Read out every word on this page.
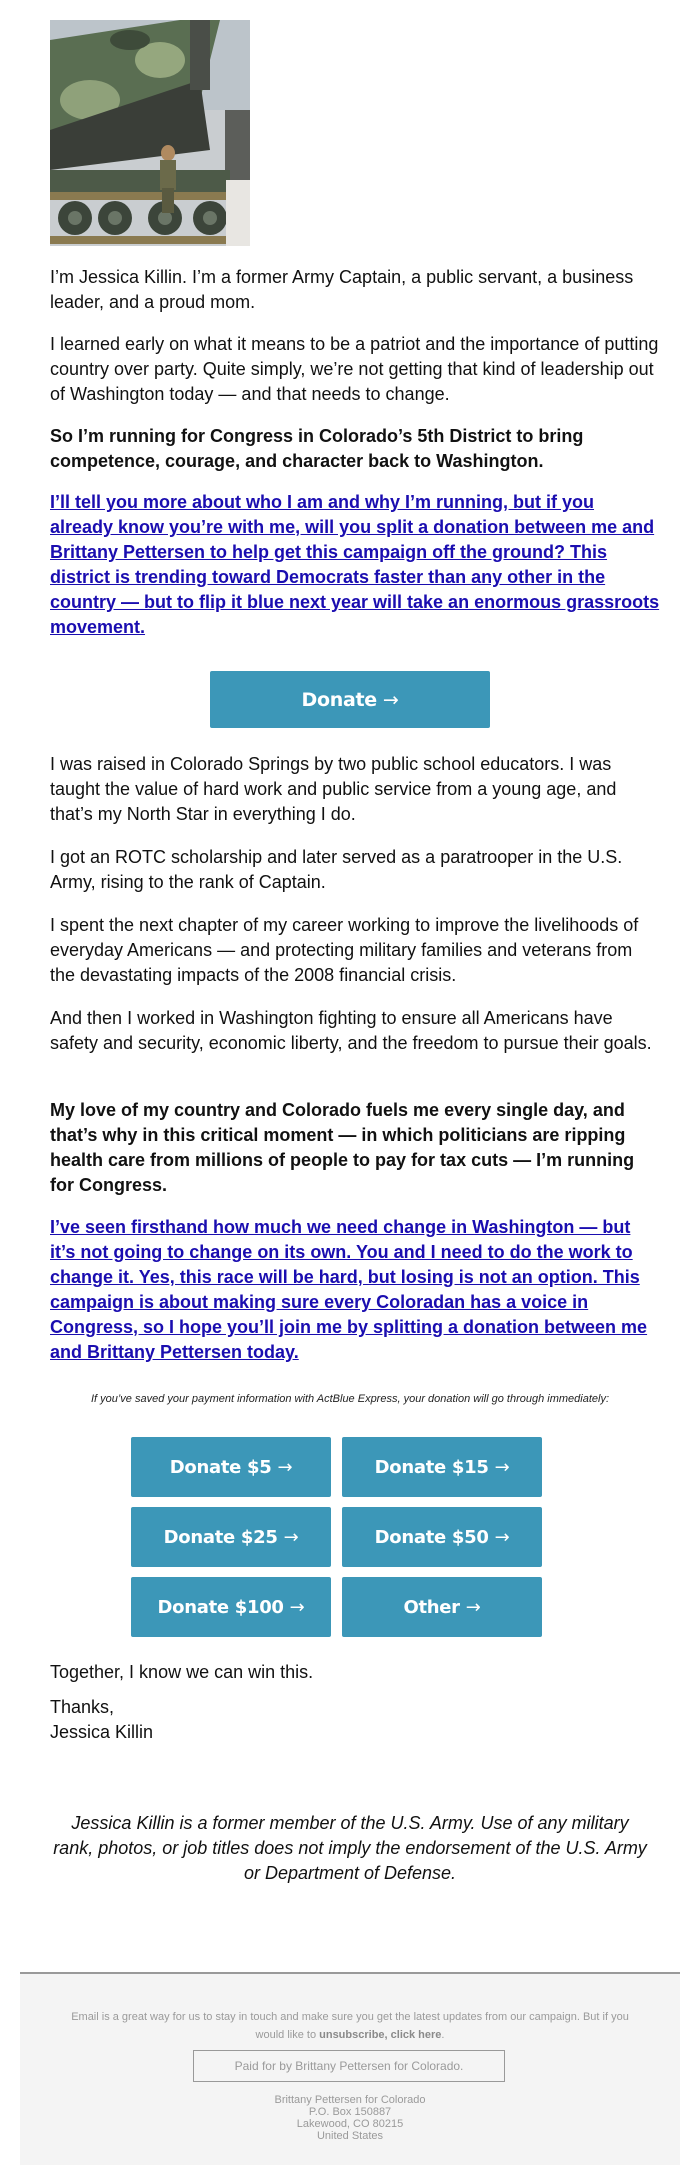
I’m Jessica Killin. I’m a former Army Captain, a public servant, a business leader, and a proud mom.

I learned early on what it means to be a patriot and the importance of putting country over party. Quite simply, we’re not getting that kind of leadership out of Washington today — and that needs to change.

So I’m running for Congress in Colorado’s 5th District to bring competence, courage, and character back to Washington.

I’ll tell you more about who I am and why I’m running, but if you already know you’re with me, will you split a donation between me and Brittany Pettersen to help get this campaign off the ground? This district is trending toward Democrats faster than any other in the country — but to flip it blue next year will take an enormous grassroots movement.

Donate →

I was raised in Colorado Springs by two public school educators. I was taught the value of hard work and public service from a young age, and that’s my North Star in everything I do.

I got an ROTC scholarship and later served as a paratrooper in the U.S. Army, rising to the rank of Captain.

I spent the next chapter of my career working to improve the livelihoods of everyday Americans — and protecting military families and veterans from the devastating impacts of the 2008 financial crisis.

And then I worked in Washington fighting to ensure all Americans have safety and security, economic liberty, and the freedom to pursue their goals.

My love of my country and Colorado fuels me every single day, and that’s why in this critical moment — in which politicians are ripping health care from millions of people to pay for tax cuts — I’m running for Congress.

I’ve seen firsthand how much we need change in Washington — but it’s not going to change on its own. You and I need to do the work to change it. Yes, this race will be hard, but losing is not an option. This campaign is about making sure every Coloradan has a voice in Congress, so I hope you’ll join me by splitting a donation between me and Brittany Pettersen today.

If you’ve saved your payment information with ActBlue Express, your donation will go through immediately:
Donate $5 →	Donate $15 →
Donate $25 →	Donate $50 →
Donate $100 →	Other →

Together, I know we can win this.

Thanks,

Jessica Killin

Jessica Killin is a former member of the U.S. Army. Use of any military rank, photos, or job titles does not imply the endorsement of the U.S. Army or Department of Defense.
Email is a great way for us to stay in touch and make sure you get the latest updates from our campaign. But if you would like to unsubscribe, click here.
Paid for by Brittany Pettersen for Colorado.
Brittany Pettersen for Colorado
P.O. Box 150887
Lakewood, CO 80215
United States
